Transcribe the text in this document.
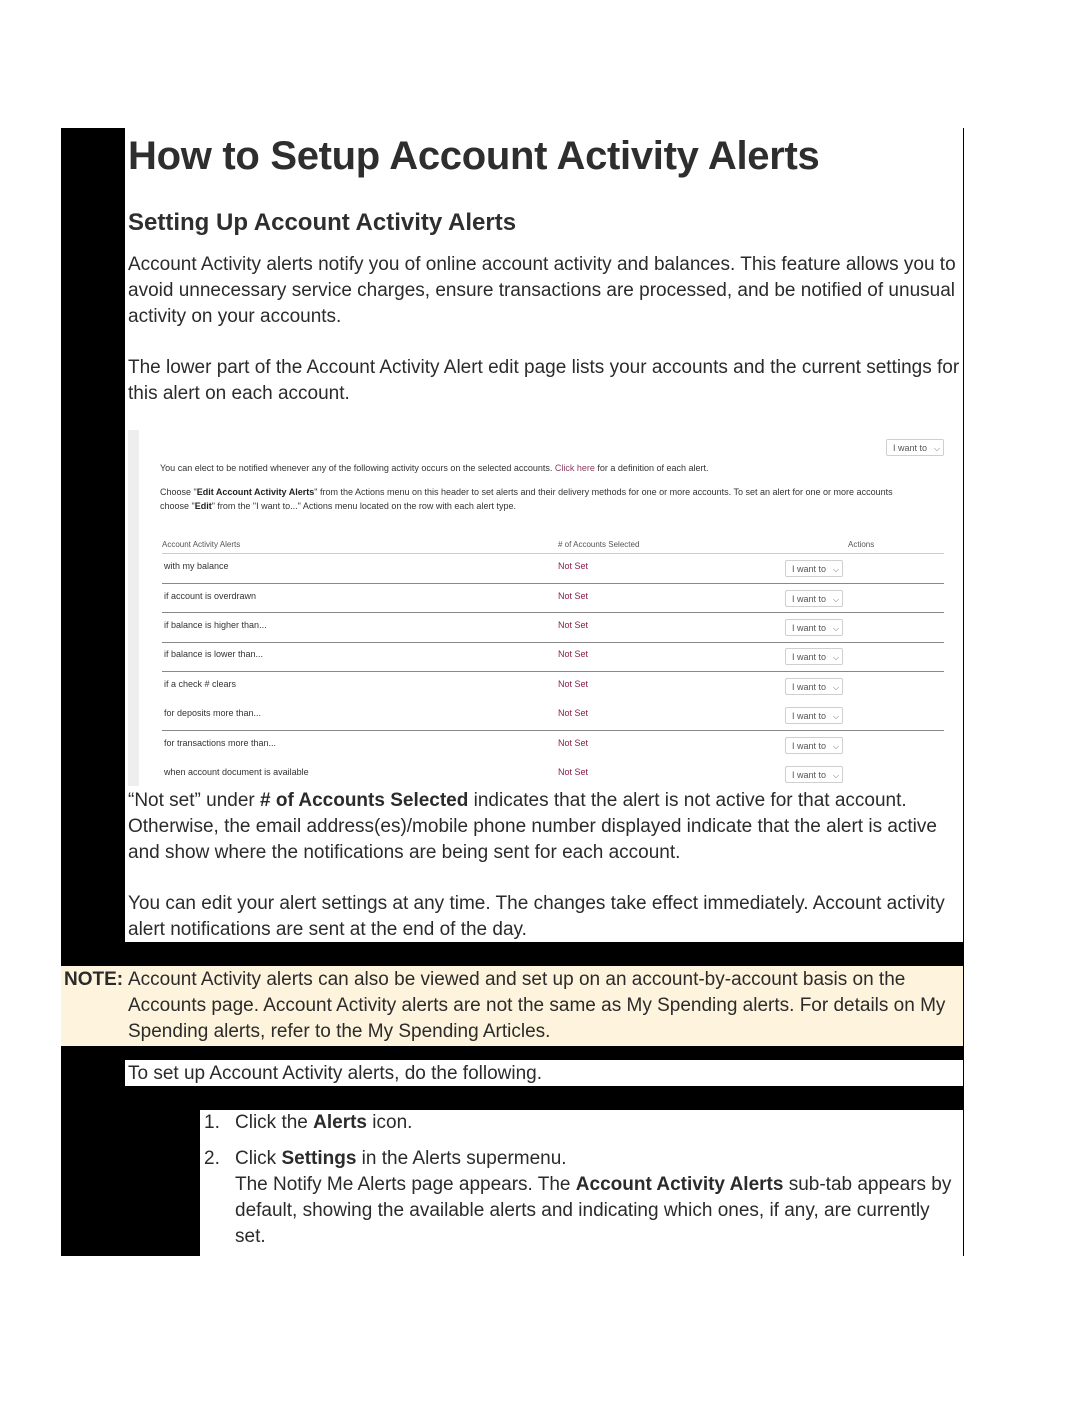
How to Setup Account Activity Alerts
Setting Up Account Activity Alerts

Account Activity alerts notify you of online account activity and balances. This feature allows you to avoid unnecessary service charges, ensure transactions are processed, and be notified of unusual activity on your accounts.

The lower part of the Account Activity Alert edit page lists your accounts and the current settings for this alert on each account.

I want to ⌵
You can elect to be notified whenever any of the following activity occurs on the selected accounts. Click here for a definition of each alert.
Choose "Edit Account Activity Alerts" from the Actions menu on this header to set alerts and their delivery methods for one or more accounts. To set an alert for one or more accounts
choose "Edit" from the "I want to..." Actions menu located on the row with each alert type.
Account Activity Alerts	# of Accounts Selected	Actions
with my balance	Not Set	I want to ⌵
if account is overdrawn	Not Set	I want to ⌵
if balance is higher than...	Not Set	I want to ⌵
if balance is lower than...	Not Set	I want to ⌵
if a check # clears	Not Set	I want to ⌵
for deposits more than...	Not Set	I want to ⌵
for transactions more than...	Not Set	I want to ⌵
when account document is available	Not Set	I want to ⌵

“Not set” under # of Accounts Selected indicates that the alert is not active for that account. Otherwise, the email address(es)/mobile phone number displayed indicate that the alert is active and show where the notifications are being sent for each account.

You can edit your alert settings at any time. The changes take effect immediately. Account activity alert notifications are sent at the end of the day.

NOTE: Account Activity alerts can also be viewed and set up on an account-by-account basis on the Accounts page. Account Activity alerts are not the same as My Spending alerts. For details on My Spending alerts, refer to the My Spending Articles.

To set up Account Activity alerts, do the following.

1. Click the Alerts icon.

2. Click Settings in the Alerts supermenu.

The Notify Me Alerts page appears. The Account Activity Alerts sub-tab appears by default, showing the available alerts and indicating which ones, if any, are currently set.
